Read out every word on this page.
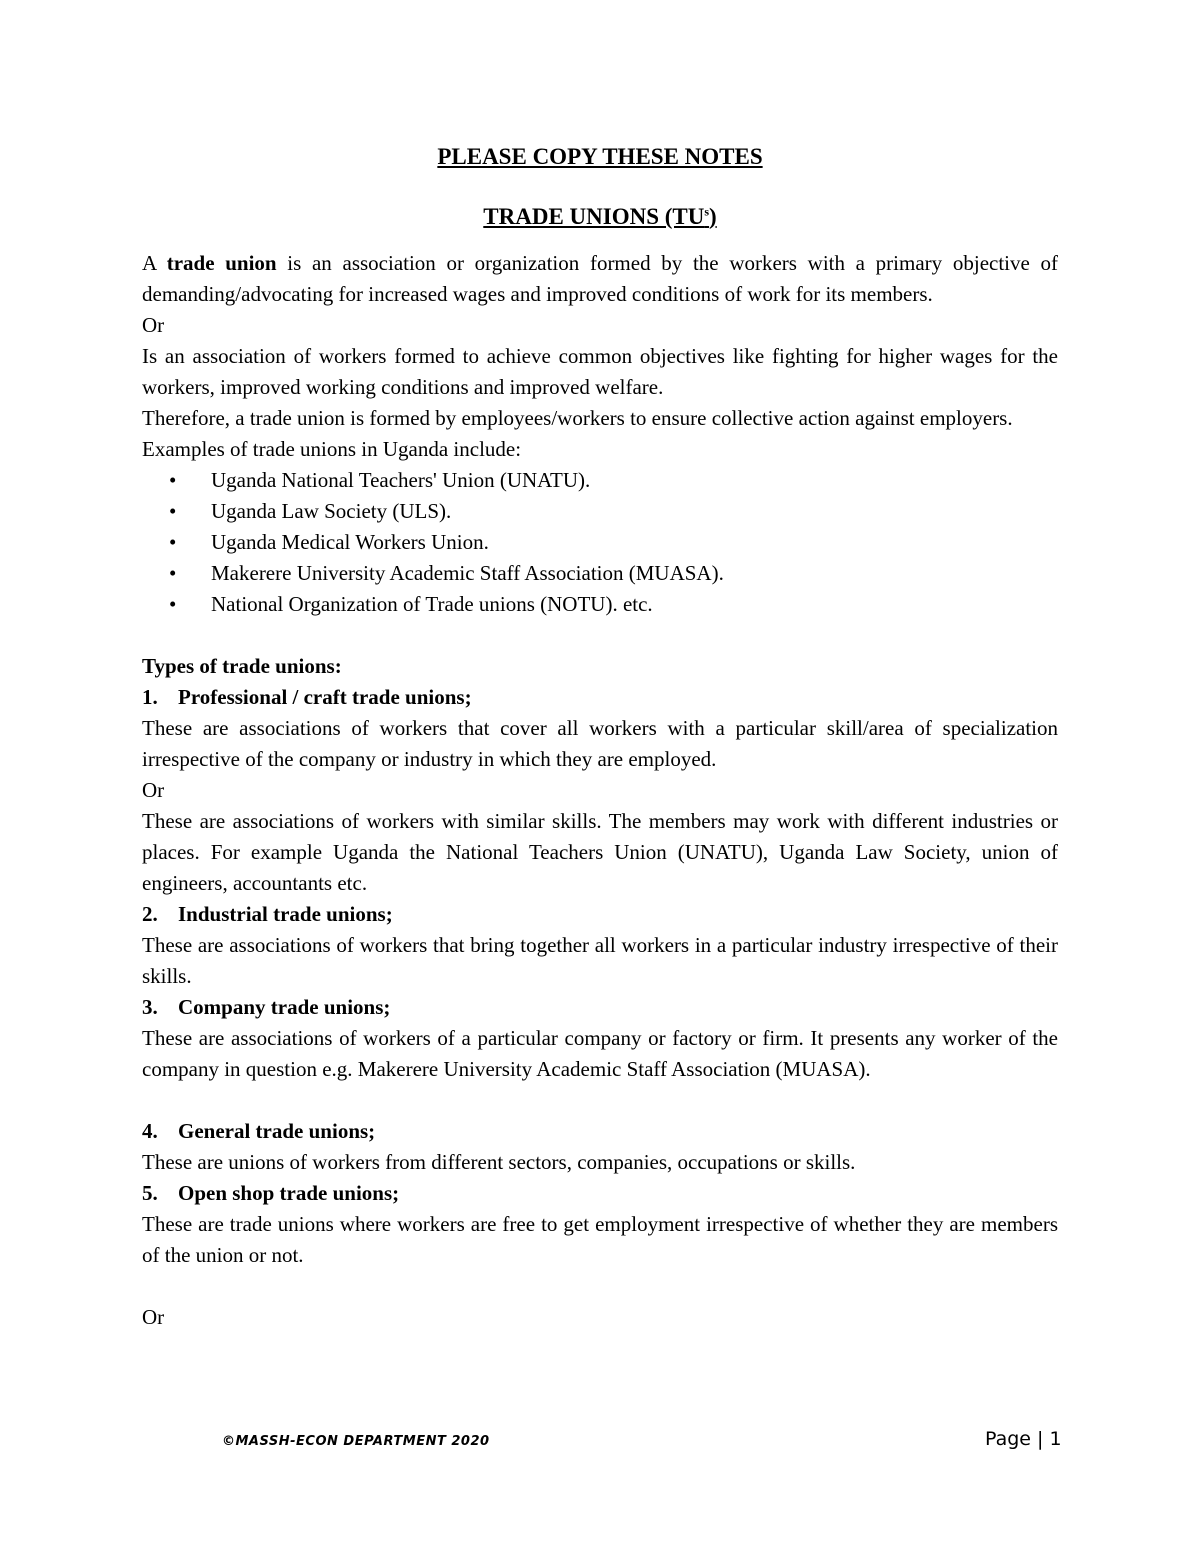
PLEASE COPY THESE NOTES

TRADE UNIONS $(TU^s)$

A trade union is an association or organization formed by the workers with a primary objective of demanding/advocating for increased wages and improved conditions of work for its members.

Or

Is an association of workers formed to achieve common objectives like fighting for higher wages for the workers, improved working conditions and improved welfare.

Therefore, a trade union is formed by employees/workers to ensure collective action against employers.

Examples of trade unions in Uganda include:

• Uganda National Teachers' Union (UNATU).
• Uganda Law Society (ULS).
• Uganda Medical Workers Union.
• Makerere University Academic Staff Association (MUASA).
• National Organization of Trade unions (NOTU). etc.

Types of trade unions:

1. Professional / craft trade unions;

These are associations of workers that cover all workers with a particular skill/area of specialization irrespective of the company or industry in which they are employed.

Or

These are associations of workers with similar skills. The members may work with different industries or places. For example Uganda the National Teachers Union (UNATU), Uganda Law Society, union of engineers, accountants etc.

2. Industrial trade unions;

These are associations of workers that bring together all workers in a particular industry irrespective of their skills.

3. Company trade unions;

These are associations of workers of a particular company or factory or firm. It presents any worker of the company in question e.g. Makerere University Academic Staff Association (MUASA).

4. General trade unions;

These are unions of workers from different sectors, companies, occupations or skills.

5. Open shop trade unions;

These are trade unions where workers are free to get employment irrespective of whether they are members of the union or not.

Or

©MASSH-ECON DEPARTMENT 2020	Page | 1
